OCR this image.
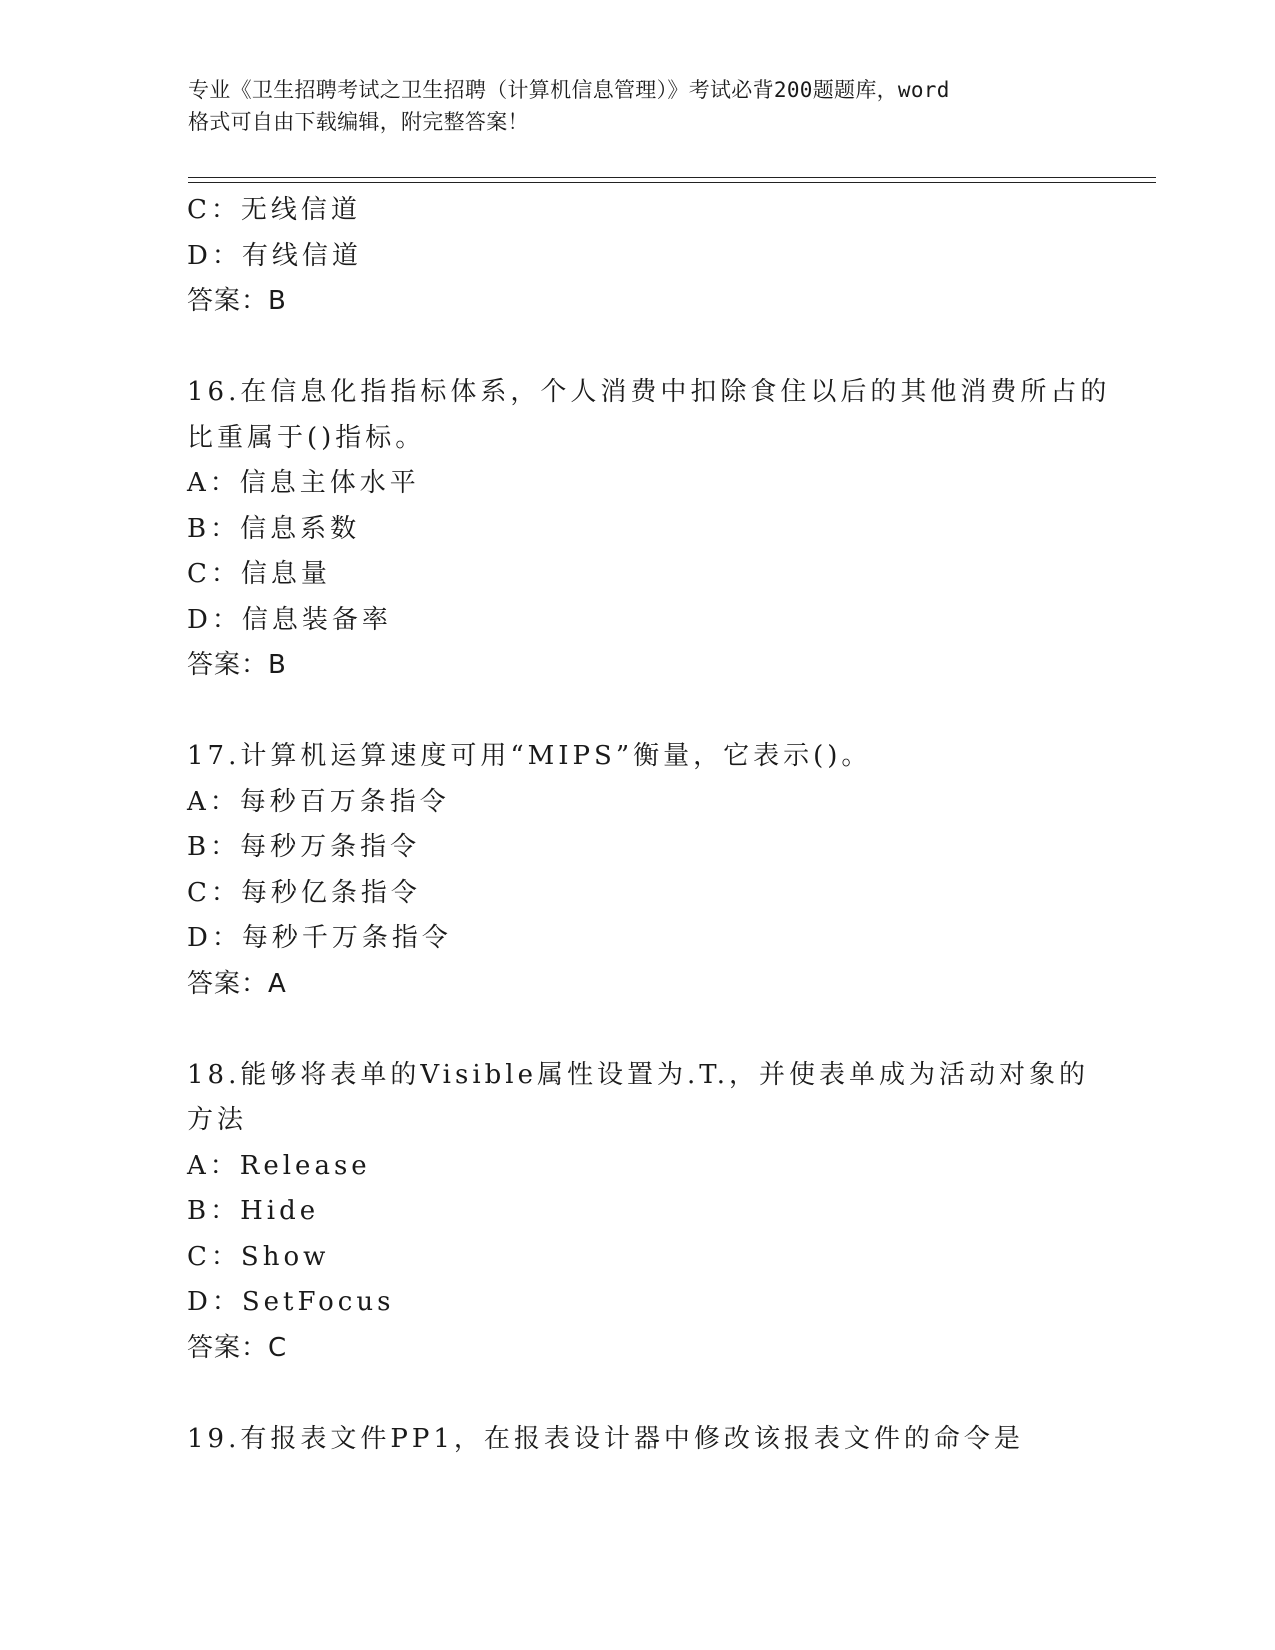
专业《卫生招聘考试之卫生招聘（计算机信息管理）》考试必背200题题库，word
格式可自由下载编辑，附完整答案！
C：无线信道
D：有线信道
答案：B
16.在信息化指指标体系，个人消费中扣除食住以后的其他消费所占的
比重属于()指标。
A：信息主体水平
B：信息系数
C：信息量
D：信息装备率
答案：B
17.计算机运算速度可用“MIPS”衡量，它表示()。
A：每秒百万条指令
B：每秒万条指令
C：每秒亿条指令
D：每秒千万条指令
答案：A
18.能够将表单的Visible属性设置为.T.，并使表单成为活动对象的
方法
A：Release
B：Hide
C：Show
D：SetFocus
答案：C
19.有报表文件PP1，在报表设计器中修改该报表文件的命令是
